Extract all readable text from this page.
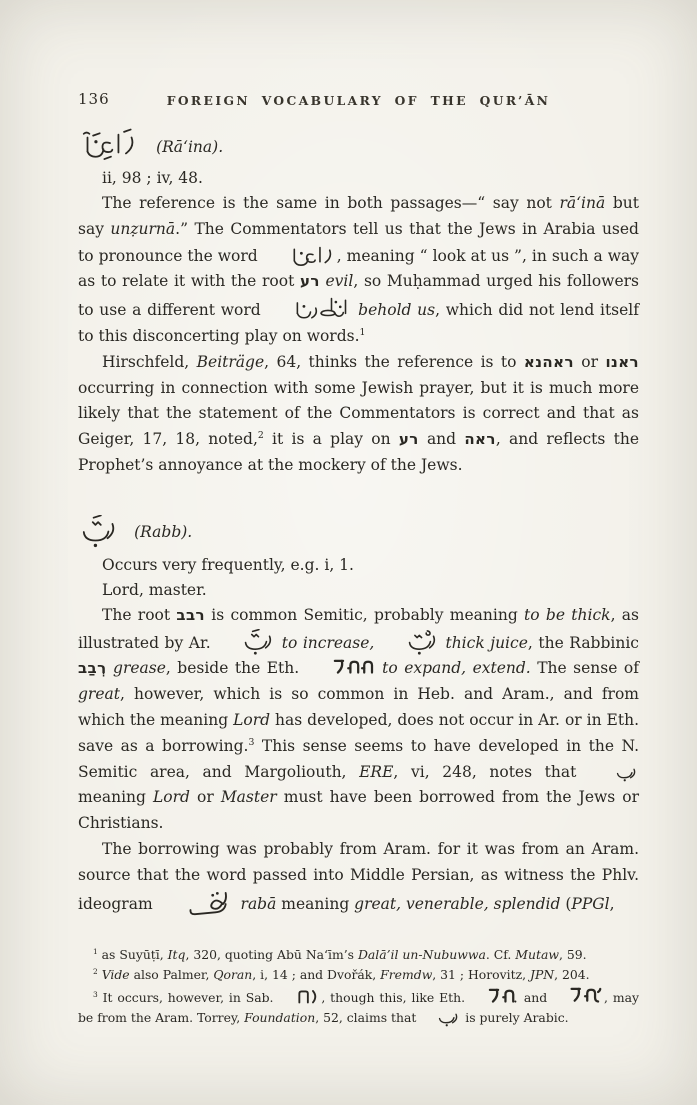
136	FOREIGN VOCABULARY OF THE QUR’ĀN
(Rā‘ina).
ii, 98 ; iv, 48.

The reference is the same in both passages—“ say not rā‘inā but say unẓurnā.” The Commentators tell us that the Jews in Arabia used to pronounce the word	, meaning “ look at us ”, in such a way as to relate it with the root רע evil, so Muḥammad urged his followers to use a different word	behold us, which did not lend itself to this disconcerting play on words.$^1$

Hirschfeld, Beiträge, 64, thinks the reference is to ראהנא or ראנו occurring in connection with some Jewish prayer, but it is much more likely that the statement of the Commentators is correct and that as Geiger, 17, 18, noted,$^2$ it is a play on רע and ראה, and reflects the Prophet’s annoyance at the mockery of the Jews.

(Rabb).
Occurs very frequently, e.g. i, 1.
Lord, master.

The root רבב is common Semitic, probably meaning to be thick, as illustrated by Ar.	to increase,	thick juice, the Rabbinic רְבַב grease, beside the Eth.	to expand, extend. The sense of great, however, which is so common in Heb. and Aram., and from which the meaning Lord has developed, does not occur in Ar. or in Eth. save as a borrowing.$^3$ This sense seems to have developed in the N. Semitic area, and Margoliouth, ERE, vi, 248, notes that  meaning Lord or Master must have been borrowed from the Jews or Christians.

The borrowing was probably from Aram. for it was from an Aram. source that the word passed into Middle Persian, as witness the Phlv. ideogram	rabā meaning great, venerable, splendid (PPGl,

$^1$ as Suyūṭī, Itq, 320, quoting Abū Na‘īm’s Dalā’il un-Nubuwwa. Cf. Mutaw, 59.
$^2$ Vide also Palmer, Qoran, i, 14 ; and Dvořák, Fremdw, 31 ; Horovitz, JPN, 204.
$^3$ It occurs, however, in Sab.	, though this, like Eth.	and	, may be from the Aram. Torrey, Foundation, 52, claims that	is purely Arabic.
